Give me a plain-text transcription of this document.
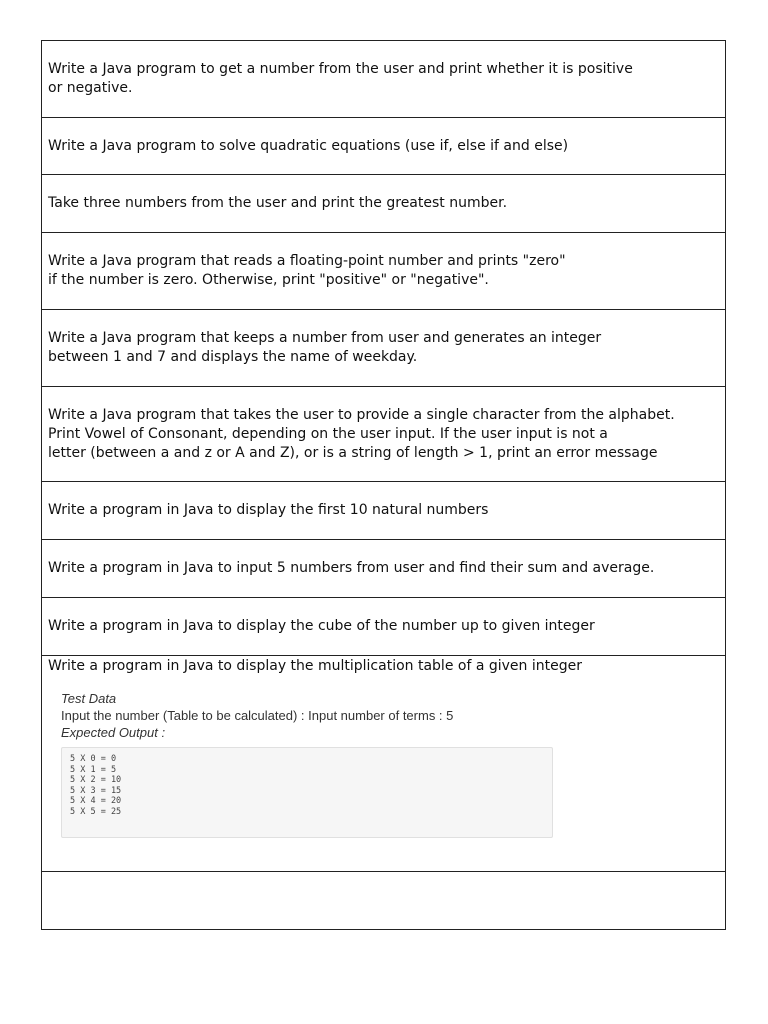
Write a Java program to get a number from the user and print whether it is positive
or negative.
Write a Java program to solve quadratic equations (use if, else if and else)
Take three numbers from the user and print the greatest number.
Write a Java program that reads a floating-point number and prints "zero"
if the number is zero. Otherwise, print "positive" or "negative".
Write a Java program that keeps a number from user and generates an integer
between 1 and 7 and displays the name of weekday.
Write a Java program that takes the user to provide a single character from the alphabet.
Print Vowel of Consonant, depending on the user input. If the user input is not a
letter (between a and z or A and Z), or is a string of length > 1, print an error message
Write a program in Java to display the first 10 natural numbers
Write a program in Java to input 5 numbers from user and find their sum and average.
Write a program in Java to display the cube of the number up to given integer
Write a program in Java to display the multiplication table of a given integer
Test Data
Input the number (Table to be calculated) : Input number of terms : 5
Expected Output :
5 X 0 = 0
5 X 1 = 5
5 X 2 = 10
5 X 3 = 15
5 X 4 = 20
5 X 5 = 25
